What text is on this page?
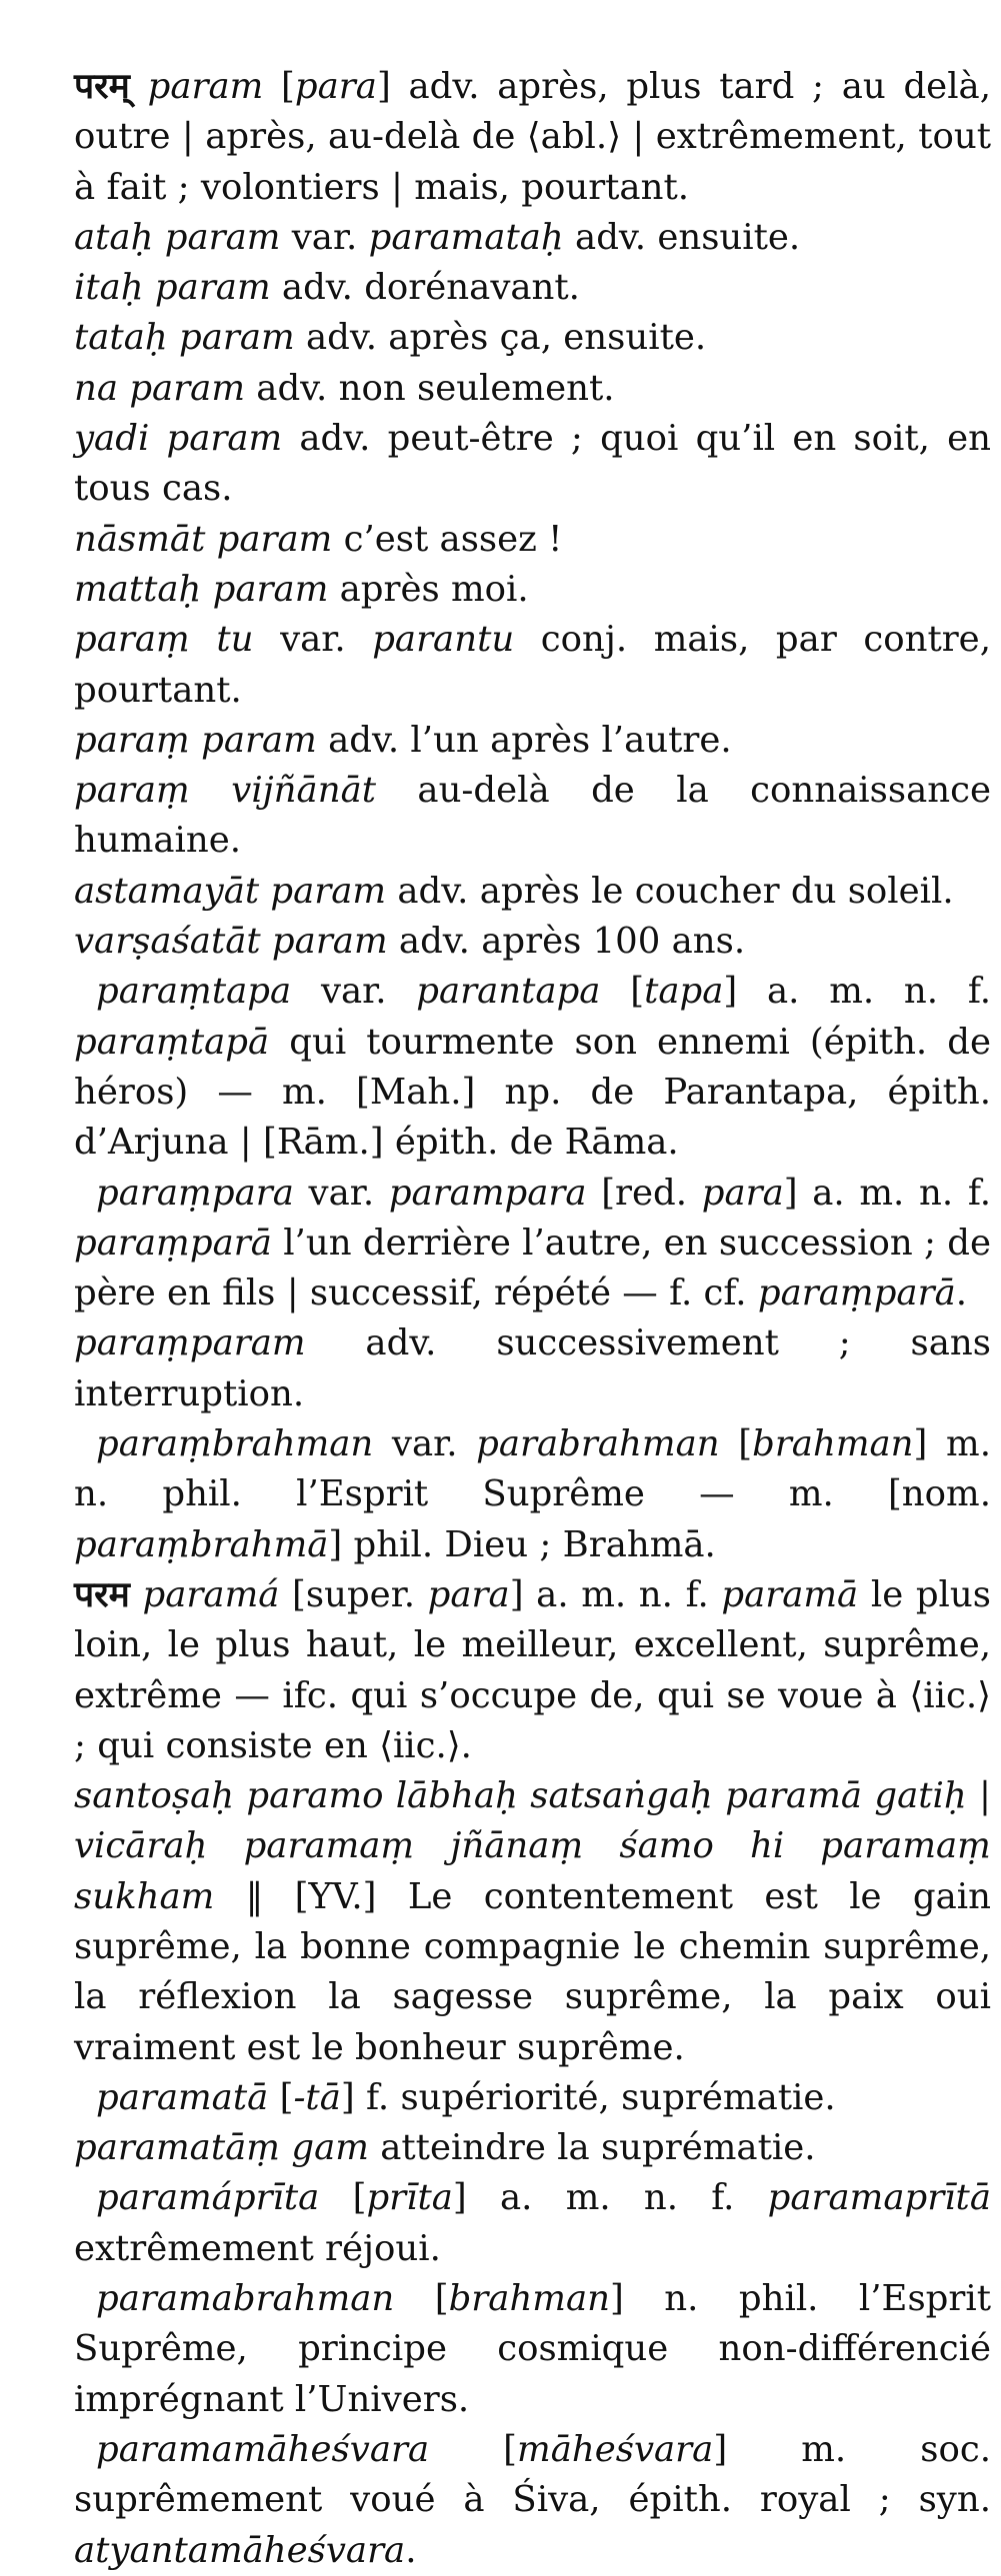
परम् param [para] adv. après, plus tard ; au delà, outre | après, au-delà de ⟨abl.⟩ | extrêmement, tout à fait ; volontiers | mais, pourtant.

ataḥ param var. paramataḥ adv. ensuite.

itaḥ param adv. dorénavant.

tataḥ param adv. après ça, ensuite.

na param adv. non seulement.

yadi param adv. peut-être ; quoi qu’il en soit, en tous cas.

nāsmāt param c’est assez !

mattaḥ param après moi.

paraṃ tu var. parantu conj. mais, par contre, pourtant.

paraṃ param adv. l’un après l’autre.

paraṃ vijñānāt au-delà de la connaissance humaine.

astamayāt param adv. après le coucher du soleil.

varṣaśatāt param adv. après 100 ans.

paraṃtapa var. parantapa [tapa] a. m. n. f. paraṃtapā qui tourmente son ennemi (épith. de héros) — m. [Mah.] np. de Parantapa, épith. d’Arjuna | [Rām.] épith. de Rāma.

paraṃpara var. parampara [red. para] a. m. n. f. paraṃparā l’un derrière l’autre, en succession ; de père en fils | successif, répété — f. cf. paraṃparā.

paraṃparam adv. successivement ; sans interruption.

paraṃbrahman var. parabrahman [brahman] m. n. phil. l’Esprit Suprême — m. [nom. paraṃbrahmā] phil. Dieu ; Brahmā.

परम paramá [super. para] a. m. n. f. paramā le plus loin, le plus haut, le meilleur, excellent, suprême, extrême — ifc. qui s’occupe de, qui se voue à ⟨iic.⟩ ; qui consiste en ⟨iic.⟩.

santoṣaḥ paramo lābhaḥ satsaṅgaḥ paramā gatiḥ | vicāraḥ paramaṃ jñānaṃ śamo hi paramaṃ sukham ‖ [YV.] Le contentement est le gain suprême, la bonne compagnie le chemin suprême, la réflexion la sagesse suprême, la paix oui vraiment est le bonheur suprême.

paramatā [-tā] f. supériorité, suprématie.

paramatāṃ gam atteindre la suprématie.

paramáprīta [prīta] a. m. n. f. paramaprītā extrêmement réjoui.

paramabrahman [brahman] n. phil. l’Esprit Suprême, principe cosmique non-différencié imprégnant l’Univers.

paramamāheśvara [māheśvara] m. soc. suprêmement voué à Śiva, épith. royal ; syn. atyantamāheśvara.
